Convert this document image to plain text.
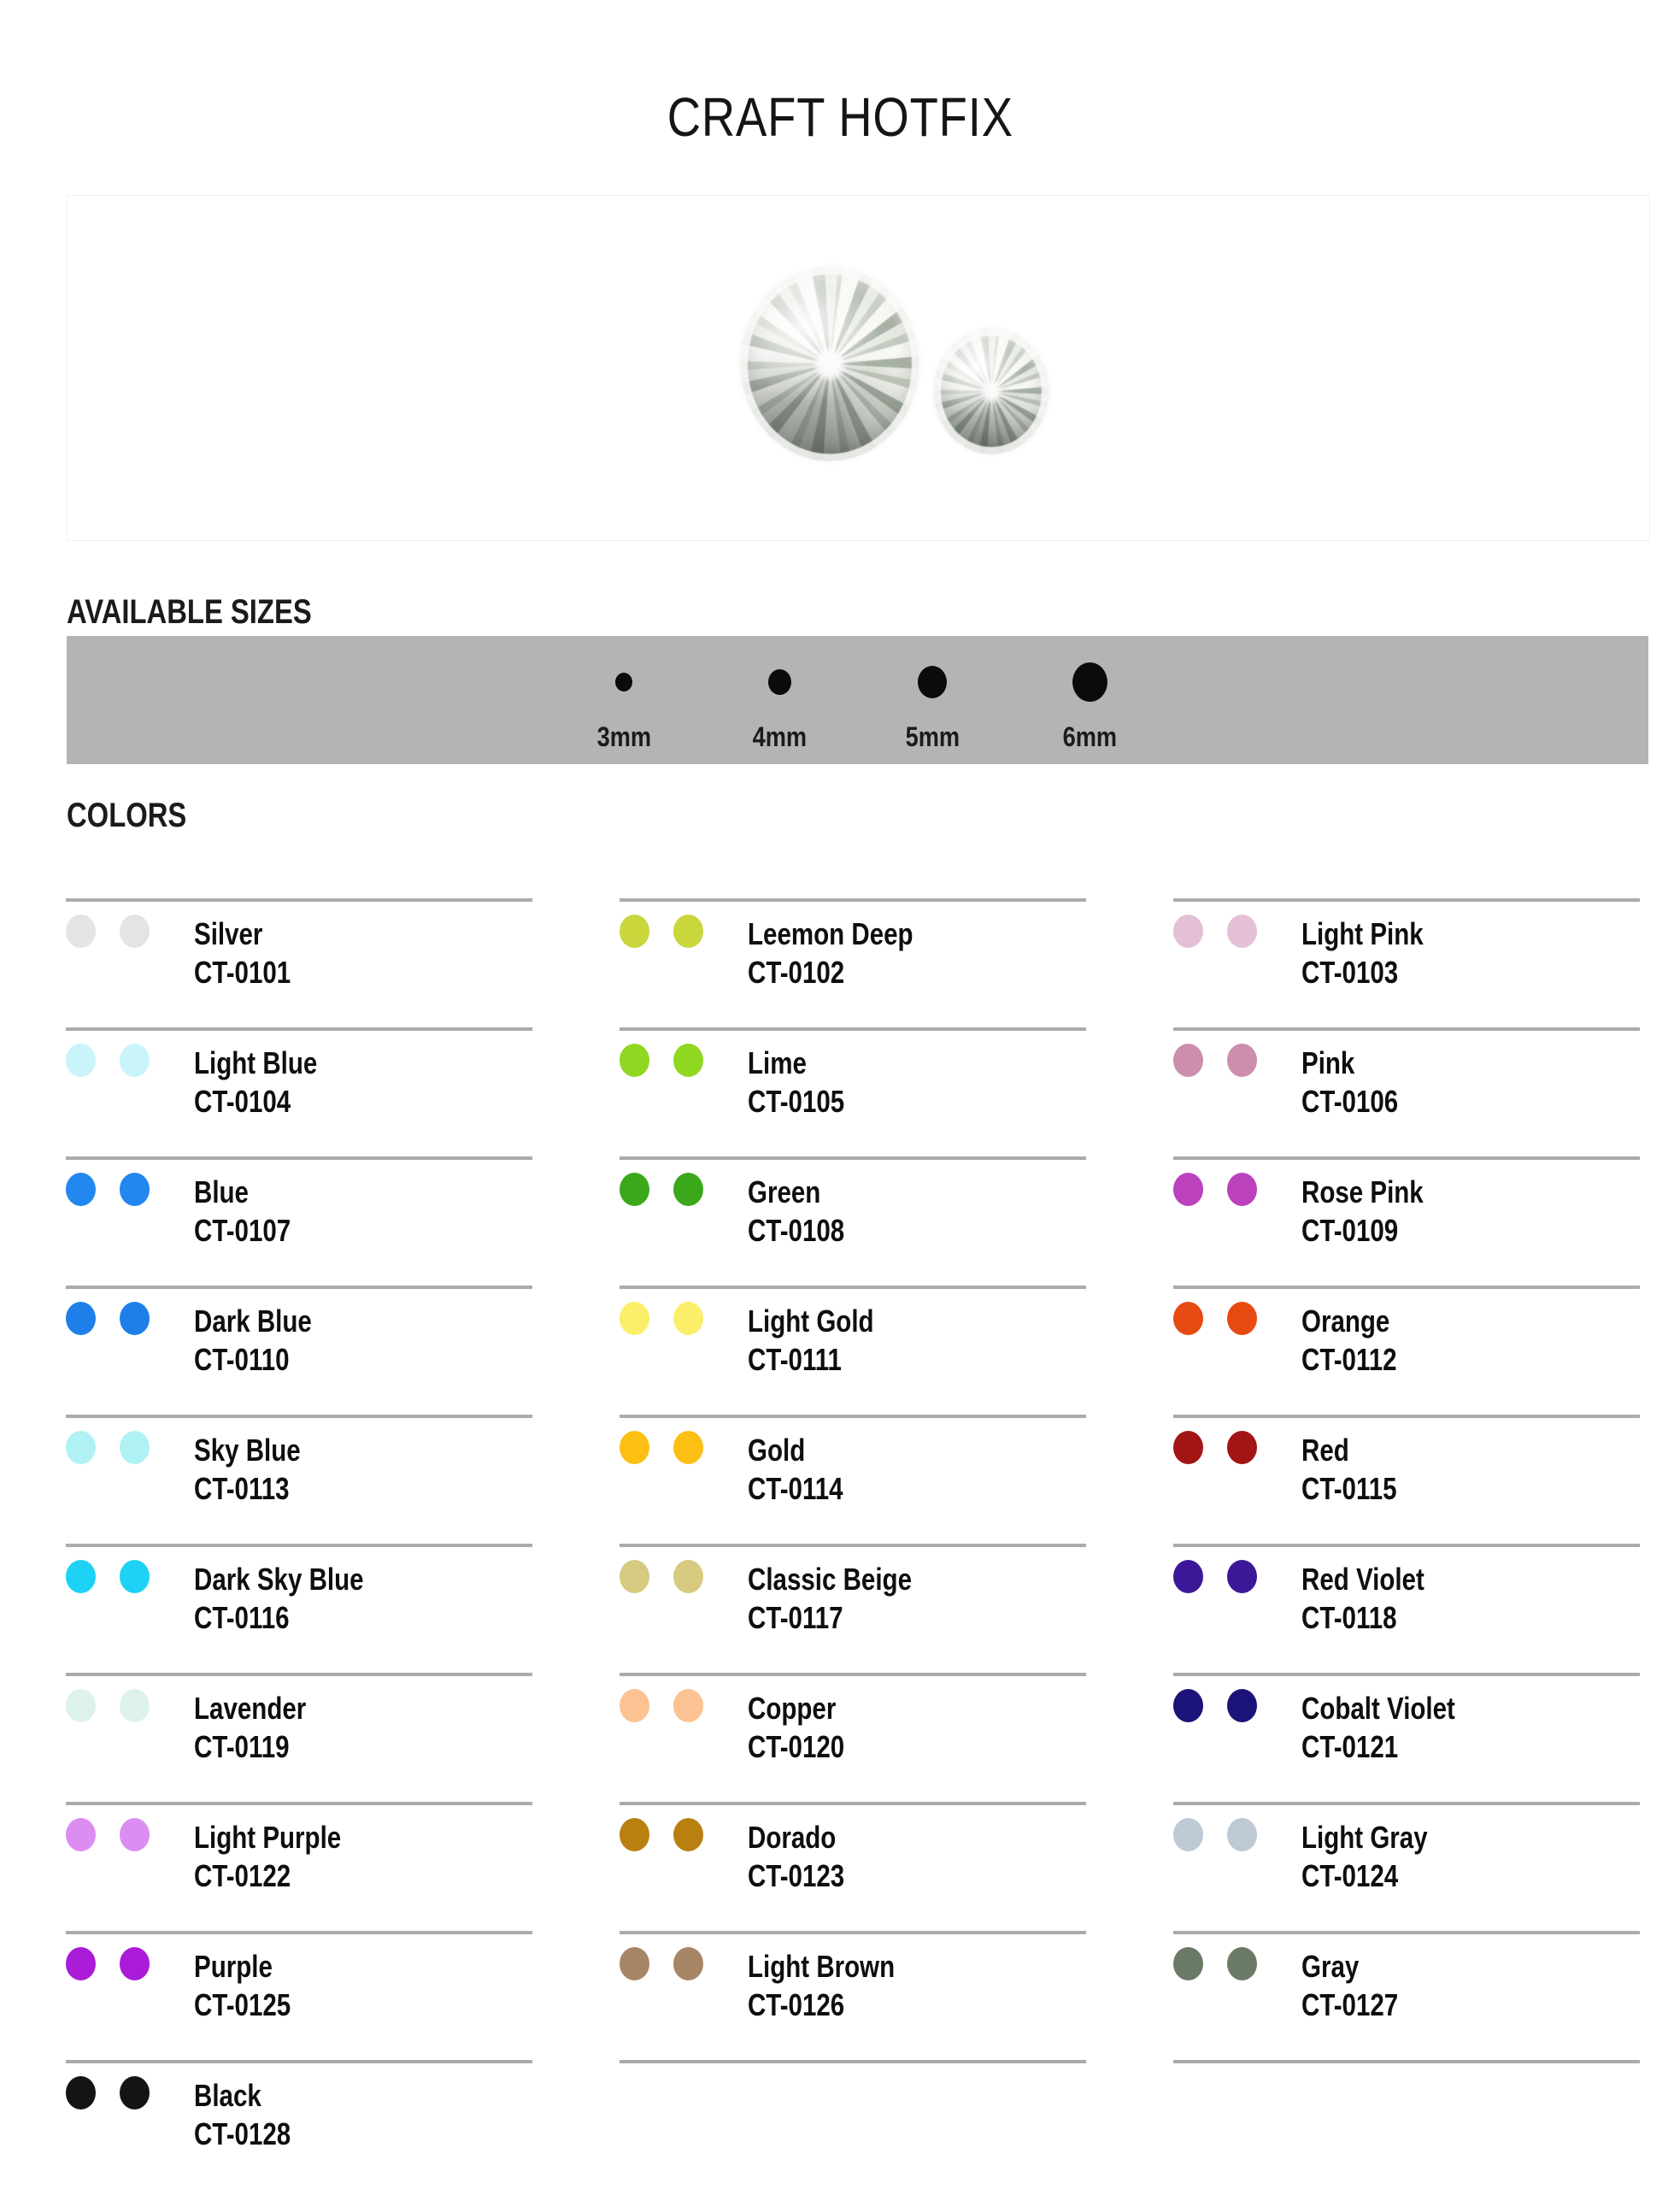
CRAFT HOTFIX
AVAILABLE SIZES
3mm	4mm	5mm	6mm
COLORS
Silver
CT-0101
Leemon Deep
CT-0102
Light Pink
CT-0103
Light Blue
CT-0104
Lime
CT-0105
Pink
CT-0106
Blue
CT-0107
Green
CT-0108
Rose Pink
CT-0109
Dark Blue
CT-0110
Light Gold
CT-0111
Orange
CT-0112
Sky Blue
CT-0113
Gold
CT-0114
Red
CT-0115
Dark Sky Blue
CT-0116
Classic Beige
CT-0117
Red Violet
CT-0118
Lavender
CT-0119
Copper
CT-0120
Cobalt Violet
CT-0121
Light Purple
CT-0122
Dorado
CT-0123
Light Gray
CT-0124
Purple
CT-0125
Light Brown
CT-0126
Gray
CT-0127
Black
CT-0128
